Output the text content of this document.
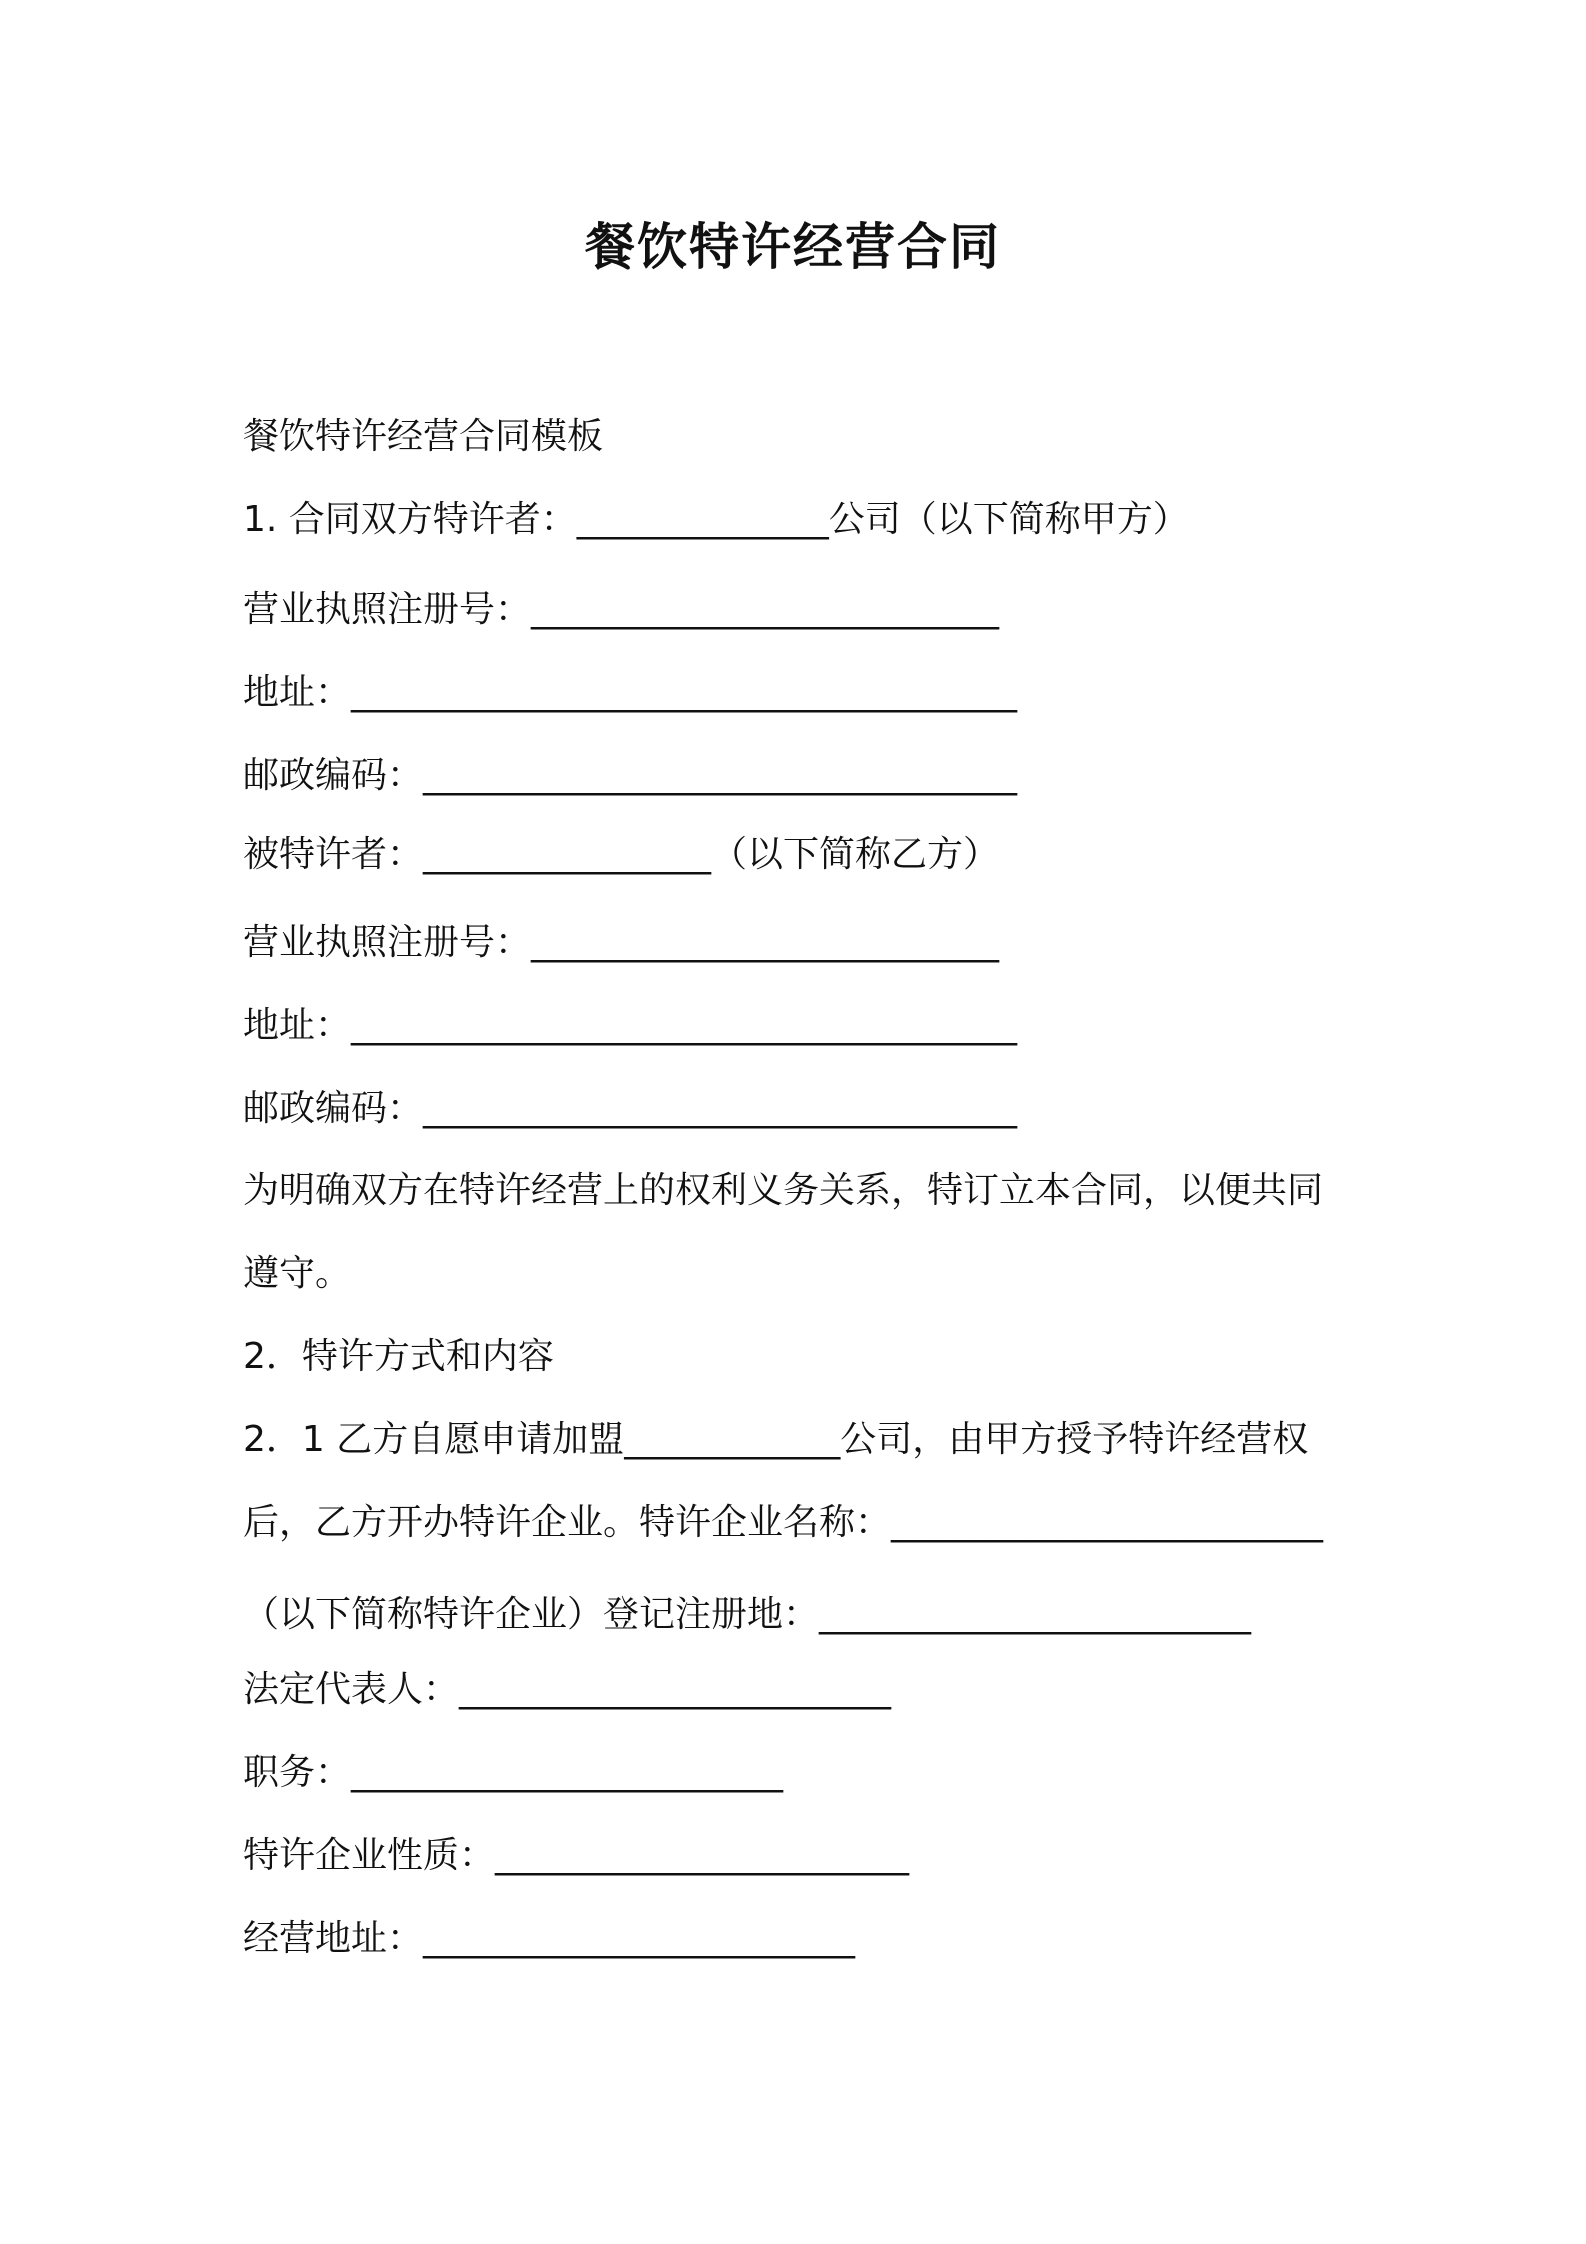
餐饮特许经营合同
餐饮特许经营合同模板
1. 合同双方特许者：______________公司（以下简称甲方）
营业执照注册号：__________________________
地址：_____________________________________
邮政编码：_________________________________
被特许者：________________（以下简称乙方）
营业执照注册号：__________________________
地址：_____________________________________
邮政编码：_________________________________
为明确双方在特许经营上的权利义务关系，特订立本合同，以便共同
遵守。
2．特许方式和内容
2．1 乙方自愿申请加盟____________公司，由甲方授予特许经营权
后，乙方开办特许企业。特许企业名称：________________________
（以下简称特许企业）登记注册地：________________________
法定代表人：________________________
职务：________________________
特许企业性质：_______________________
经营地址：________________________
